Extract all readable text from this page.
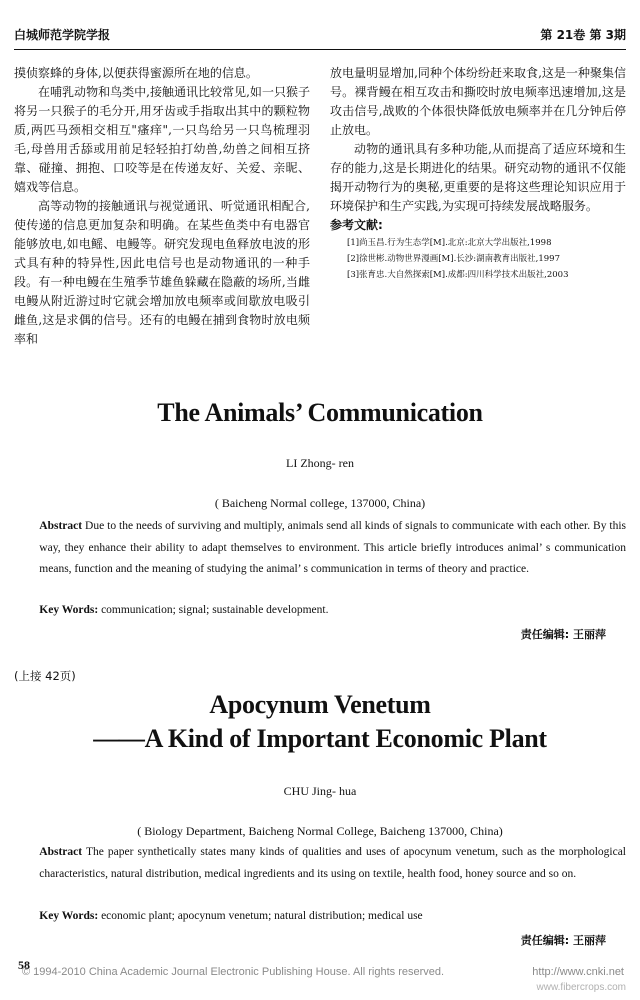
白城师范学院学报	第 21卷 第 3期

摸侦察蜂的身体,以便获得蜜源所在地的信息。

在哺乳动物和鸟类中,接触通讯比较常见,如一只猴子将另一只猴子的毛分开,用牙齿或手指取出其中的颗粒物质,两匹马颈相交相互"瘙痒",一只鸟给另一只鸟梳理羽毛,母兽用舌舔或用前足轻轻拍打幼兽,幼兽之间相互挤靠、碰撞、拥抱、口咬等是在传递友好、关爱、亲昵、嬉戏等信息。

高等动物的接触通讯与视觉通讯、听觉通讯相配合,使传递的信息更加复杂和明确。在某些鱼类中有电器官能够放电,如电鳐、电鳗等。研究发现电鱼释放电波的形式具有种的特异性,因此电信号也是动物通讯的一种手段。有一种电鳗在生殖季节雄鱼躲藏在隐蔽的场所,当雌电鳗从附近游过时它就会增加放电频率或间歇放电吸引雌鱼,这是求偶的信号。还有的电鳗在捕到食物时放电频率和

放电量明显增加,同种个体纷纷赶来取食,这是一种聚集信号。裸背鳗在相互攻击和撕咬时放电频率迅速增加,这是攻击信号,战败的个体很快降低放电频率并在几分钟后停止放电。

动物的通讯具有多种功能,从而提高了适应环境和生存的能力,这是长期进化的结果。研究动物的通讯不仅能揭开动物行为的奥秘,更重要的是将这些理论知识应用于环境保护和生产实践,为实现可持续发展战略服务。

参考文献:

[1]尚玉昌.行为生态学[M].北京:北京大学出版社,1998

[2]徐世彬.动物世界漫画[M].长沙:湖南教育出版社,1997

[3]张育忠.大自然探索[M].成都:四川科学技术出版社,2003

The Animals’ Communication
LI Zhong- ren
( Baicheng Normal college, 137000, China)
Abstract Due to the needs of surviving and multiply, animals send all kinds of signals to communicate with each other. By this way, they enhance their ability to adapt themselves to environment. This article briefly introduces animal’ s communication means, function and the meaning of studying the animal’ s communication in terms of theory and practice.
Key Words: communication; signal; sustainable development.
责任编辑: 王丽萍
(上接 42页)
Apocynum Venetum
——A Kind of Important Economic Plant
CHU Jing- hua
( Biology Department, Baicheng Normal College, Baicheng 137000, China)
Abstract The paper synthetically states many kinds of qualities and uses of apocynum venetum, such as the morphological characteristics, natural distribution, medical ingredients and its using on textile, health food, honey source and so on.
Key Words: economic plant; apocynum venetum; natural distribution; medical use
责任编辑: 王丽萍
58
© 1994-2010 China Academic Journal Electronic Publishing House. All rights reserved.	http://www.cnki.net
www.fibercrops.com
